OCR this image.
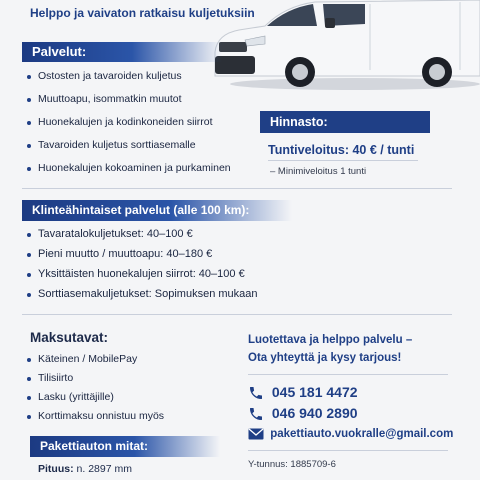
Helppo ja vaivaton ratkaisu kuljetuksiin
Palvelut:
Ostosten ja tavaroiden kuljetus
Muuttoapu, isommatkin muutot
Huonekalujen ja kodinkoneiden siirrot
Tavaroiden kuljetus sorttiasemalle
Huonekalujen kokoaminen ja purkaminen
Hinnasto:
Tuntiveloitus: 40 € / tunti
– Minimiveloitus 1 tunti
Klinteähintaiset palvelut (alle 100 km):
Tavaratalokuljetukset: 40–100 €
Pieni muutto / muuttoapu: 40–180 €
Yksittäisten huonekalujen siirrot: 40–100 €
Sorttiasemakuljetukset: Sopimuksen mukaan
Maksutavat:
Käteinen / MobilePay
Tilisiirto
Lasku (yrittäjille)
Korttimaksu onnistuu myös
Pakettiauton mitat:
Pituus: n. 2897 mm
Luotettava ja helppo palvelu –
Ota yhteyttä ja kysy tarjous!
045 181 4472
046 940 2890
pakettiauto.vuokralle@gmail.com
Y-tunnus: 1885709-6
